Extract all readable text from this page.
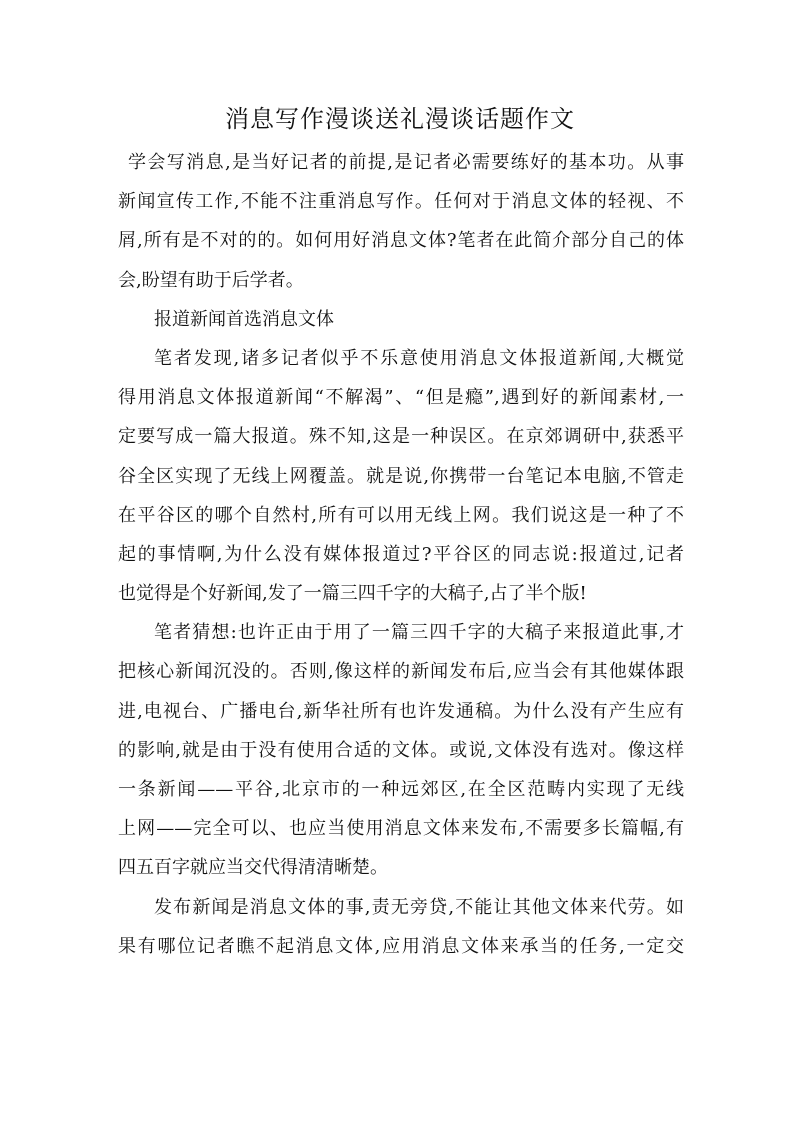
消息写作漫谈送礼漫谈话题作文
学会写消息,是当好记者的前提,是记者必需要练好的基本功。从事
新闻宣传工作,不能不注重消息写作。任何对于消息文体的轻视、不
屑,所有是不对的的。如何用好消息文体?笔者在此简介部分自己的体
会,盼望有助于后学者。
报道新闻首选消息文体
笔者发现,诸多记者似乎不乐意使用消息文体报道新闻,大概觉
得用消息文体报道新闻“不解渴”、“但是瘾”,遇到好的新闻素材,一
定要写成一篇大报道。殊不知,这是一种误区。在京郊调研中,获悉平
谷全区实现了无线上网覆盖。就是说,你携带一台笔记本电脑,不管走
在平谷区的哪个自然村,所有可以用无线上网。我们说这是一种了不
起的事情啊,为什么没有媒体报道过?平谷区的同志说:报道过,记者
也觉得是个好新闻,发了一篇三四千字的大稿子,占了半个版!
笔者猜想:也许正由于用了一篇三四千字的大稿子来报道此事,才
把核心新闻沉没的。否则,像这样的新闻发布后,应当会有其他媒体跟
进,电视台、广播电台,新华社所有也许发通稿。为什么没有产生应有
的影响,就是由于没有使用合适的文体。或说,文体没有选对。像这样
一条新闻——平谷,北京市的一种远郊区,在全区范畴内实现了无线
上网——完全可以、也应当使用消息文体来发布,不需要多长篇幅,有
四五百字就应当交代得清清晰楚。
发布新闻是消息文体的事,责无旁贷,不能让其他文体来代劳。如
果有哪位记者瞧不起消息文体,应用消息文体来承当的任务,一定交
